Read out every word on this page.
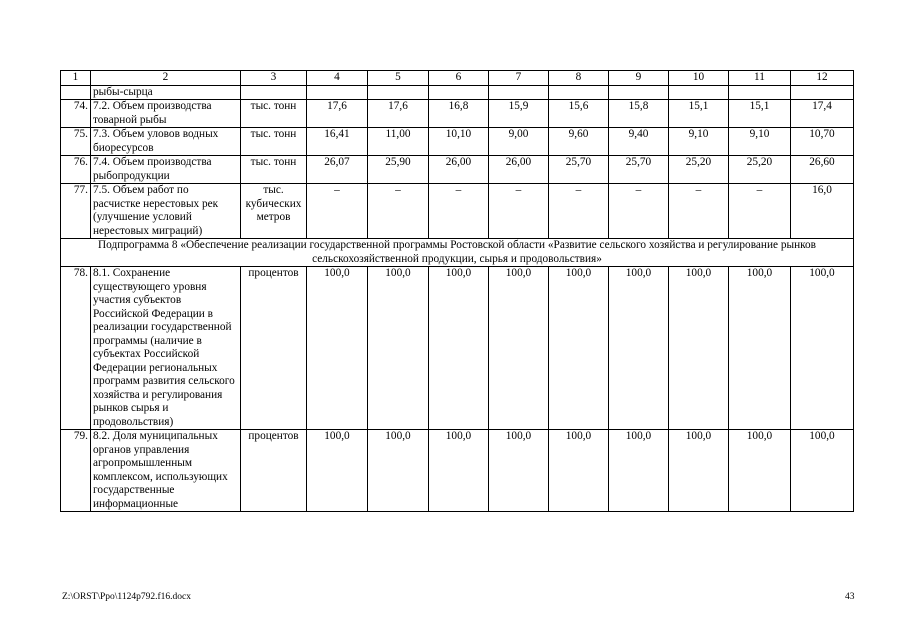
1	2	3	4	5	6	7	8	9	10	11	12
	рыбы-сырца										
74.	7.2. Объем производства товарной рыбы	тыс. тонн	17,6	17,6	16,8	15,9	15,6	15,8	15,1	15,1	17,4
75.	7.3. Объем уловов водных биоресурсов	тыс. тонн	16,41	11,00	10,10	9,00	9,60	9,40	9,10	9,10	10,70
76.	7.4. Объем производства рыбопродукции	тыс. тонн	26,07	25,90	26,00	26,00	25,70	25,70	25,20	25,20	26,60
77.	7.5. Объем работ по расчистке нерестовых рек (улучшение условий нерестовых миграций)	тыс. кубических метров	–	–	–	–	–	–	–	–	16,0
Подпрограмма 8 «Обеспечение реализации государственной программы Ростовской области «Развитие сельского хозяйства и регулирование рынков сельскохозяйственной продукции, сырья и продовольствия»											
78.	8.1. Сохранение существующего уровня участия субъектов Российской Федерации в реализации государственной программы (наличие в субъектах Российской Федерации региональных программ развития сельского хозяйства и регулирования рынков сырья и продовольствия)	процентов	100,0	100,0	100,0	100,0	100,0	100,0	100,0	100,0	100,0
79.	8.2. Доля муниципальных органов управления агропромышленным комплексом, использующих государственные информационные	процентов	100,0	100,0	100,0	100,0	100,0	100,0	100,0	100,0	100,0
Z:\ORST\Ppo\1124p792.f16.docx	43
